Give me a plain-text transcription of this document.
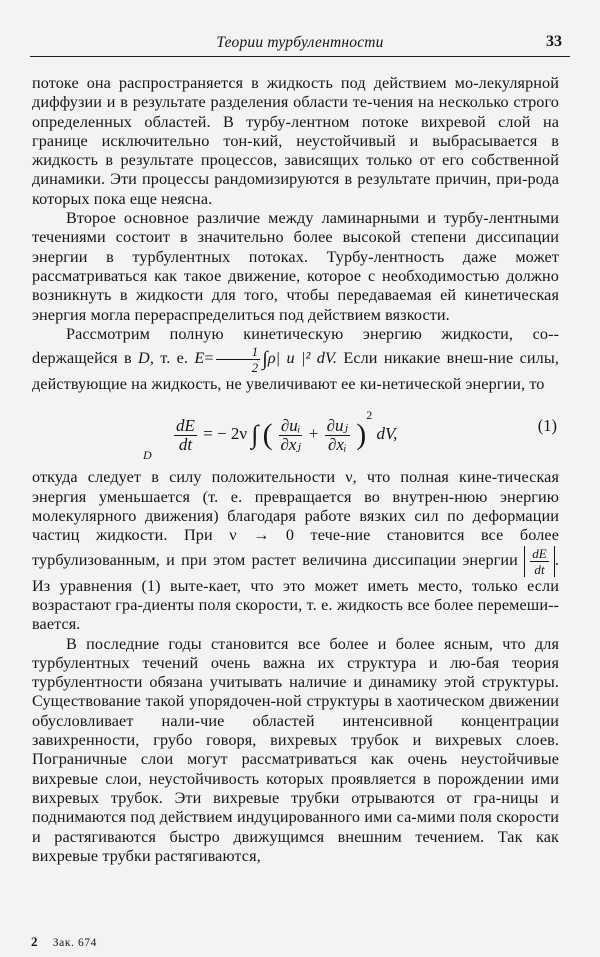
Теории турбулентности	33

потоке она распространяется в жидкость под действием мо-лекулярной диффузии и в результате разделения области те-чения на несколько строго определенных областей. В турбу-лентном потоке вихревой слой на границе исключительно тон-кий, неустойчивый и выбрасывается в жидкость в результате процессов, зависящих только от его собственной динамики. Эти процессы рандомизируются в результате причин, при-рода которых пока еще неясна.

Второе основное различие между ламинарными и турбу-лентными течениями состоит в значительно более высокой степени диссипации энергии в турбулентных потоках. Турбу-лентность даже может рассматриваться как такое движение, которое с необходимостью должно возникнуть в жидкости для того, чтобы передаваемая ей кинетическая энергия могла перераспределиться под действием вязкости.

Рассмотрим полную кинетическую энергию жидкости, со-dержащейся в D, т. е. $E= \frac{1}{2} \int\rho|$ u |² dV. Если никакие внеш-ние силы, действующие на жидкость, не увеличивают ее ки-нетической энергии, то

$\frac{dE}{dt}$ = − 2ν ∫ ( $\frac{\text{∂uᵢ}}{\text{∂xⱼ}} + \frac{\text{∂uⱼ}}{\text{∂xᵢ}} )^2$ dV,
D
(1)

откуда следует в силу положительности ν, что полная кине-тическая энергия уменьшается (т. е. превращается во внутрен-нюю энергию молекулярного движения) благодаря работе вязких сил по деформации частиц жидкости. При ν → 0 тече-ние становится все более турбулизованным, и при этом растет величина диссипации энергии $\frac{dE}{dt}$ . Из уравнения (1) выте-кает, что это может иметь место, только если возрастают гра-диенты поля скорости, т. е. жидкость все более перемеши-вается.

В последние годы становится все более и более ясным, что для турбулентных течений очень важна их структура и лю-бая теория турбулентности обязана учитывать наличие и динамику этой структуры. Существование такой упорядочен-ной структуры в хаотическом движении обусловливает нали-чие областей интенсивной концентрации завихренности, грубо говоря, вихревых трубок и вихревых слоев. Пограничные слои могут рассматриваться как очень неустойчивые вихревые слои, неустойчивость которых проявляется в порождении ими вихревых трубок. Эти вихревые трубки отрываются от гра-ницы и поднимаются под действием индуцированного ими са-мими поля скорости и растягиваются быстро движущимся внешним течением. Так как вихревые трубки растягиваются,

2 Зак. 674
